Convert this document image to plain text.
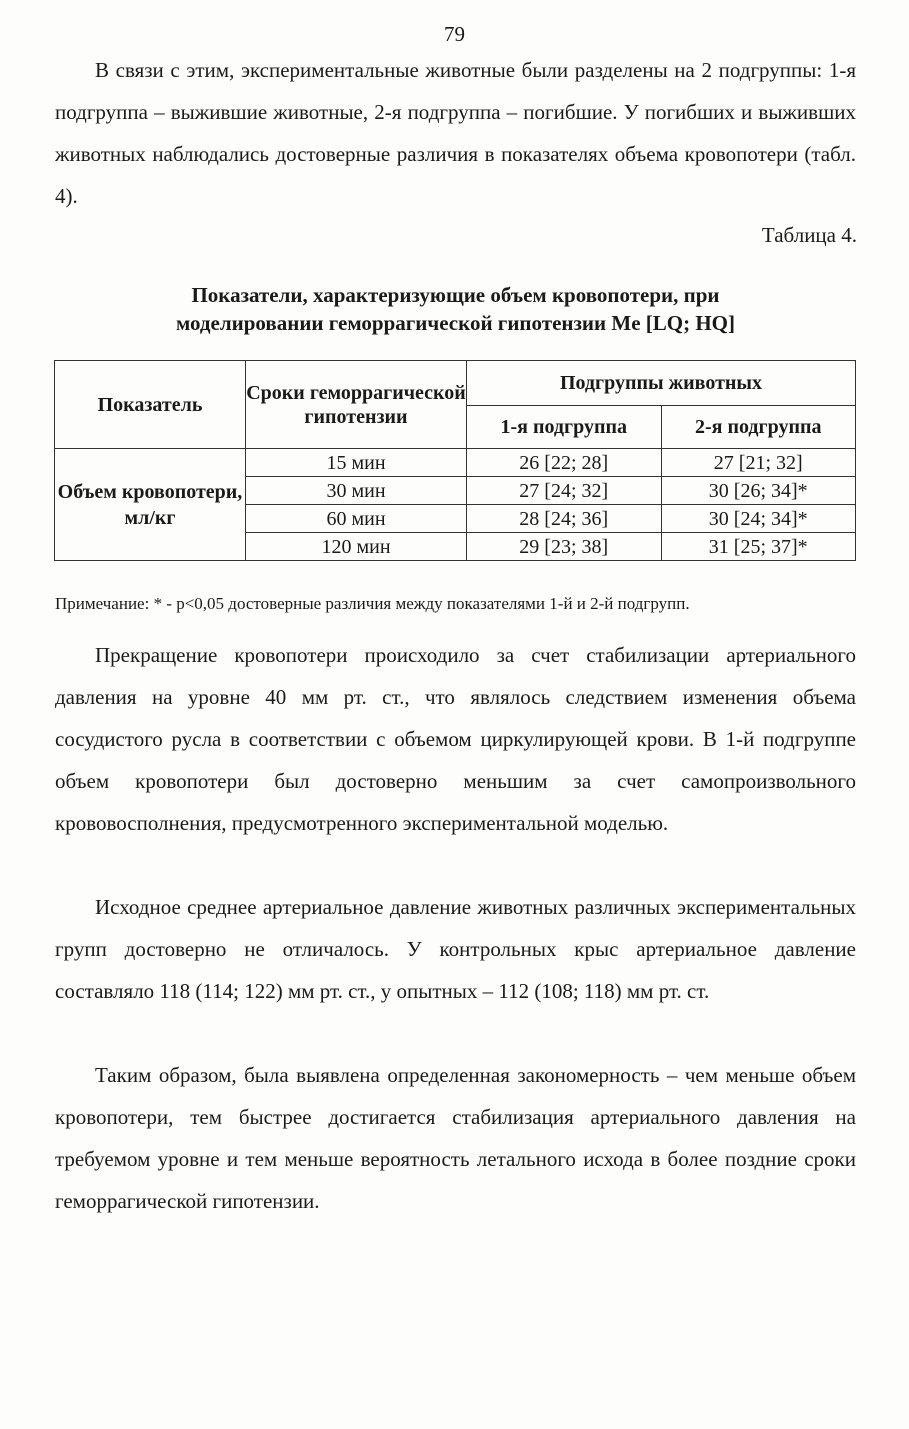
79

В связи с этим, экспериментальные животные были разделены на 2 подгруппы: 1-я подгруппа – выжившие животные, 2-я подгруппа – погибшие. У погибших и выживших животных наблюдались достоверные различия в показателях объема кровопотери (табл. 4).

Таблица 4.
Показатели, характеризующие объем кровопотери, при
моделировании геморрагической гипотензии Me [LQ; HQ]
Показатель	Сроки геморрагической гипотензии	Подгруппы животных	
		1-я подгруппа	2-я подгруппа
Объем кровопотери, мл/кг	15 мин	26 [22; 28]	27 [21; 32]
	30 мин	27 [24; 32]	30 [26; 34]*
	60 мин	28 [24; 36]	30 [24; 34]*
	120 мин	29 [23; 38]	31 [25; 37]*
Примечание: * - p<0,05 достоверные различия между показателями 1-й и 2-й подгрупп.

Прекращение кровопотери происходило за счет стабилизации артериального давления на уровне 40 мм рт. ст., что являлось следствием изменения объема сосудистого русла в соответствии с объемом циркулирующей крови. В 1-й подгруппе объем кровопотери был достоверно меньшим за счет самопроизвольного крововосполнения, предусмотренного экспериментальной моделью.

Исходное среднее артериальное давление животных различных экспериментальных групп достоверно не отличалось. У контрольных крыс артериальное давление составляло 118 (114; 122) мм рт. ст., у опытных – 112 (108; 118) мм рт. ст.

Таким образом, была выявлена определенная закономерность – чем меньше объем кровопотери, тем быстрее достигается стабилизация артериального давления на требуемом уровне и тем меньше вероятность летального исхода в более поздние сроки геморрагической гипотензии.
